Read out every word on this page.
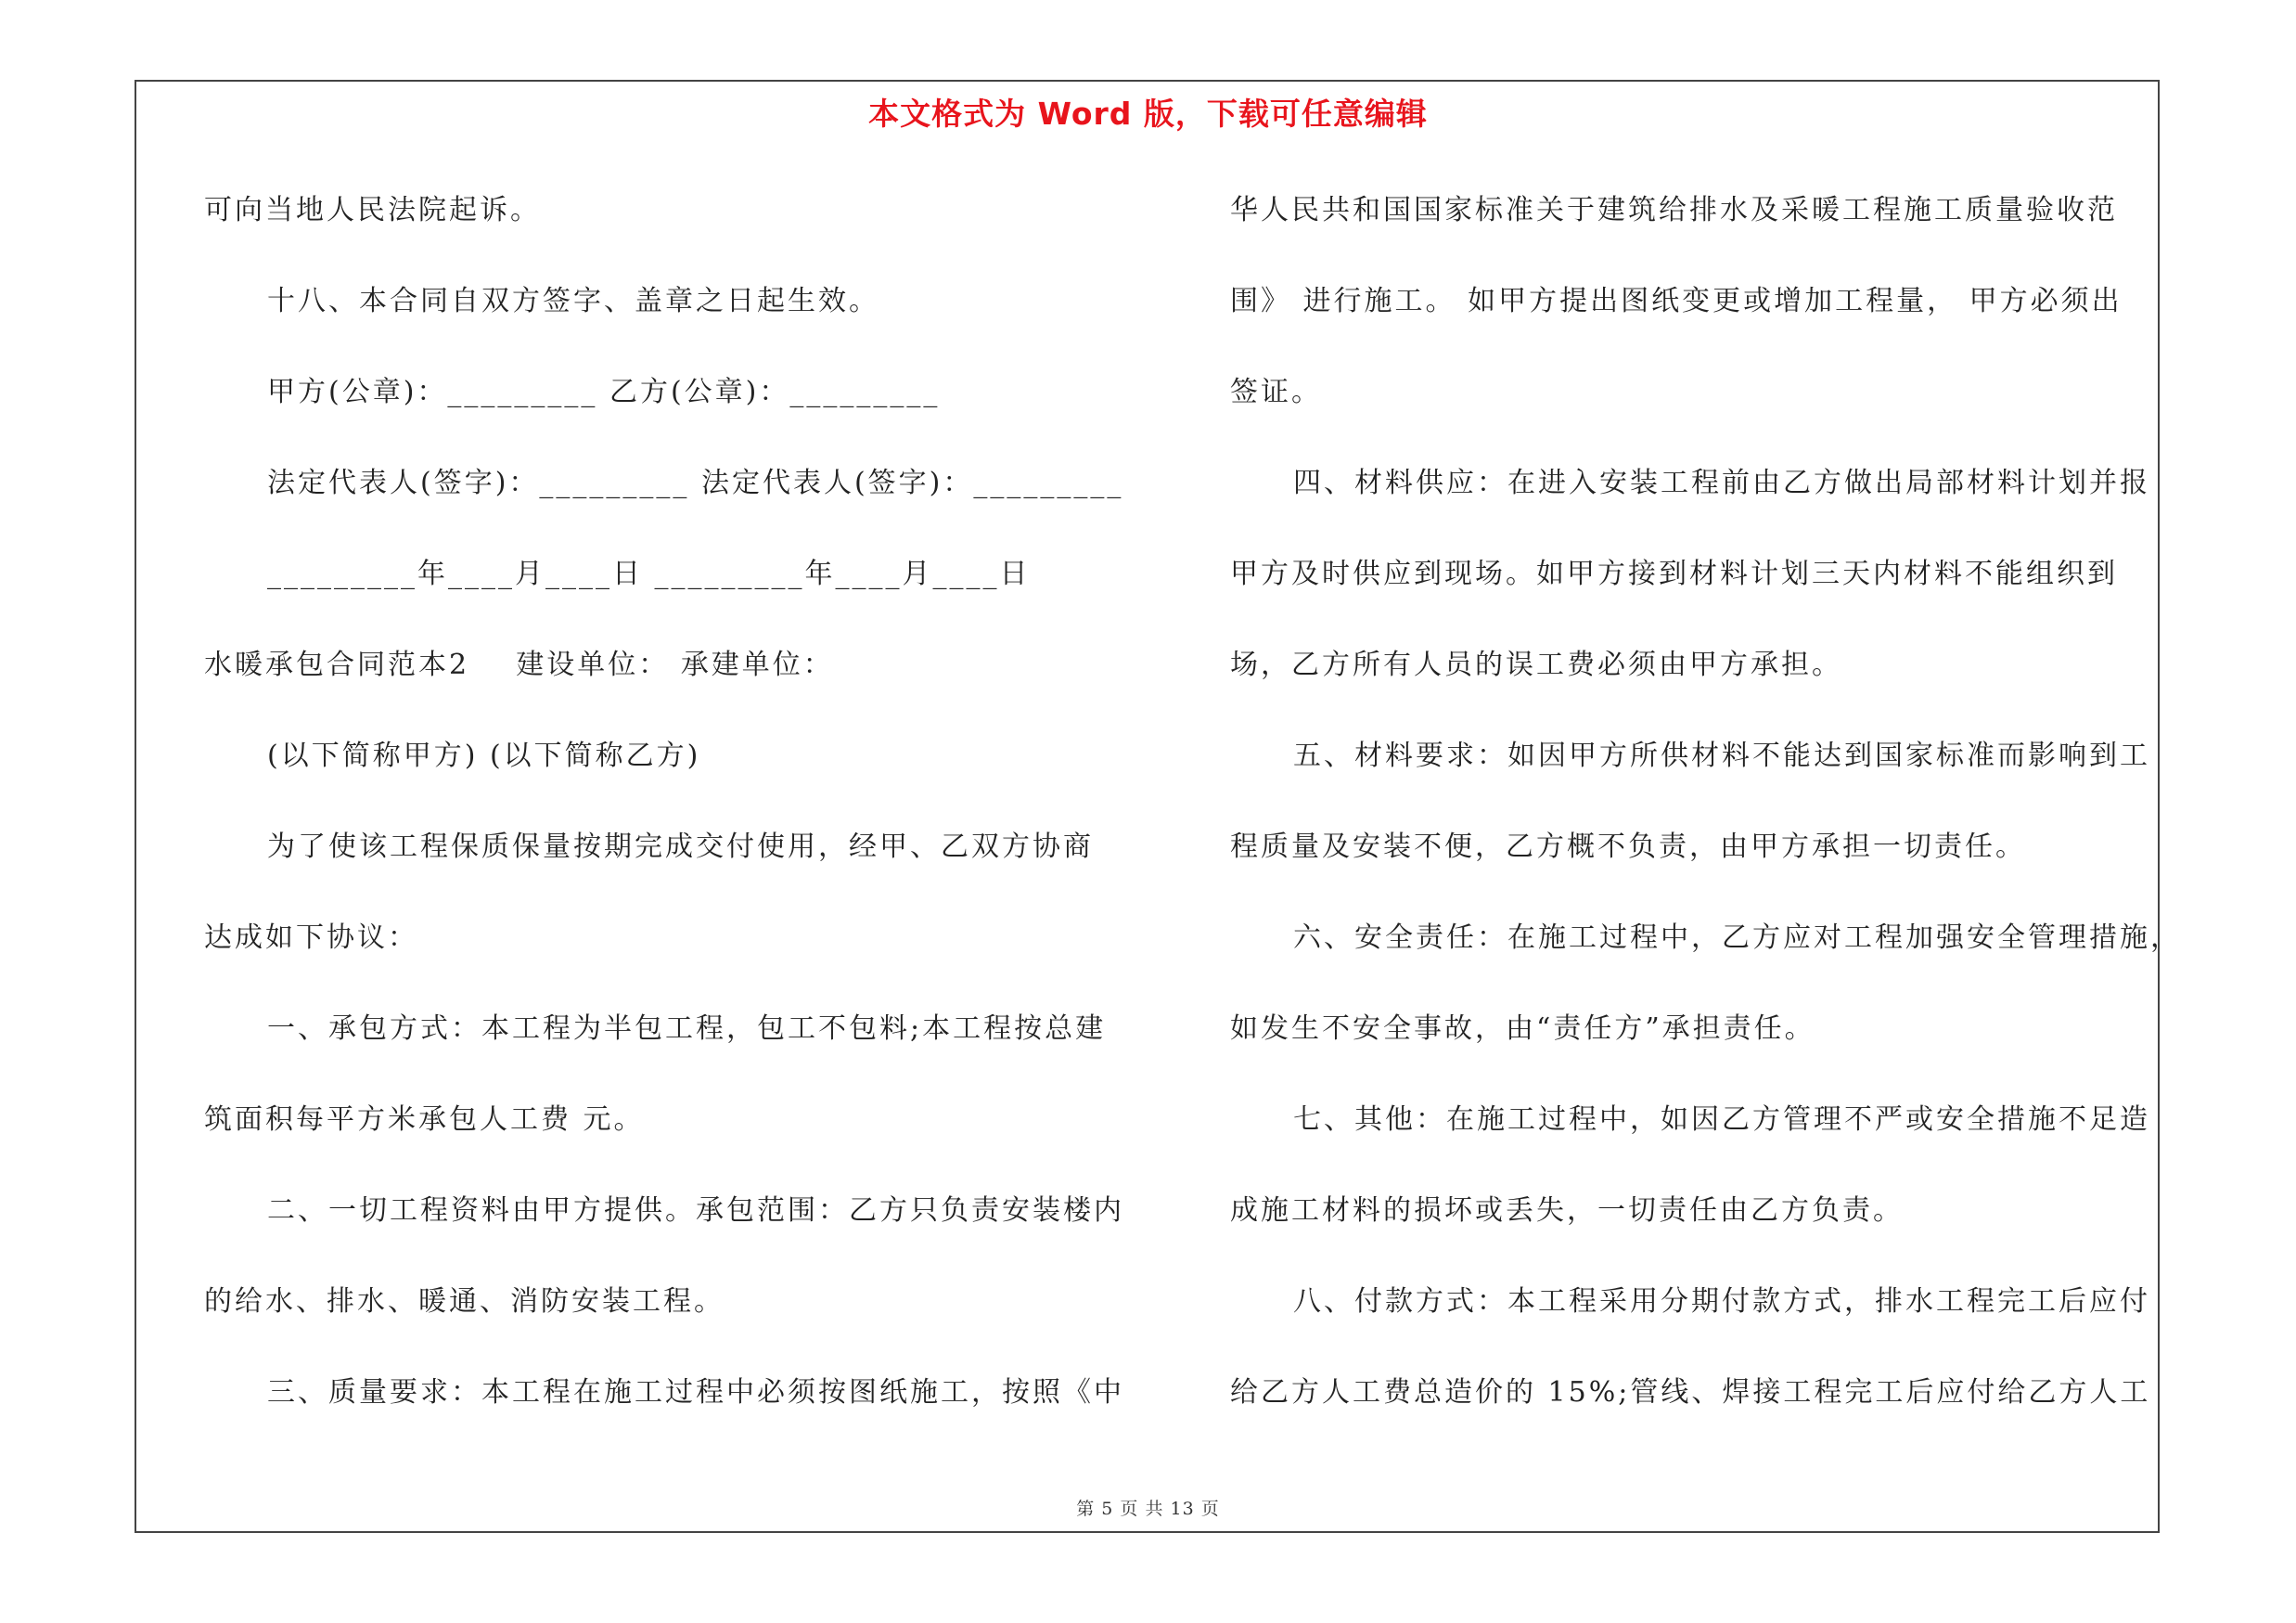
本文格式为 Word 版，下载可任意编辑
可向当地人民法院起诉。
十八、本合同自双方签字、盖章之日起生效。
甲方(公章)：_________ 乙方(公章)：_________
法定代表人(签字)：_________ 法定代表人(签字)：_________
_________年____月____日 _________年____月____日
水暖承包合同范本2    建设单位： 承建单位：
(以下简称甲方) (以下简称乙方)
为了使该工程保质保量按期完成交付使用，经甲、乙双方协商
达成如下协议：
一、承包方式：本工程为半包工程，包工不包料;本工程按总建
筑面积每平方米承包人工费 元。
二、一切工程资料由甲方提供。承包范围：乙方只负责安装楼内
的给水、排水、暖通、消防安装工程。
三、质量要求：本工程在施工过程中必须按图纸施工，按照《中
华人民共和国国家标准关于建筑给排水及采暖工程施工质量验收范
围》 进行施工。 如甲方提出图纸变更或增加工程量， 甲方必须出
签证。
四、材料供应：在进入安装工程前由乙方做出局部材料计划并报
甲方及时供应到现场。如甲方接到材料计划三天内材料不能组织到
场，乙方所有人员的误工费必须由甲方承担。
五、材料要求：如因甲方所供材料不能达到国家标准而影响到工
程质量及安装不便，乙方概不负责，由甲方承担一切责任。
六、安全责任：在施工过程中，乙方应对工程加强安全管理措施，
如发生不安全事故，由“责任方”承担责任。
七、其他：在施工过程中，如因乙方管理不严或安全措施不足造
成施工材料的损坏或丢失，一切责任由乙方负责。
八、付款方式：本工程采用分期付款方式，排水工程完工后应付
给乙方人工费总造价的 15%;管线、焊接工程完工后应付给乙方人工
第 5 页 共 13 页
